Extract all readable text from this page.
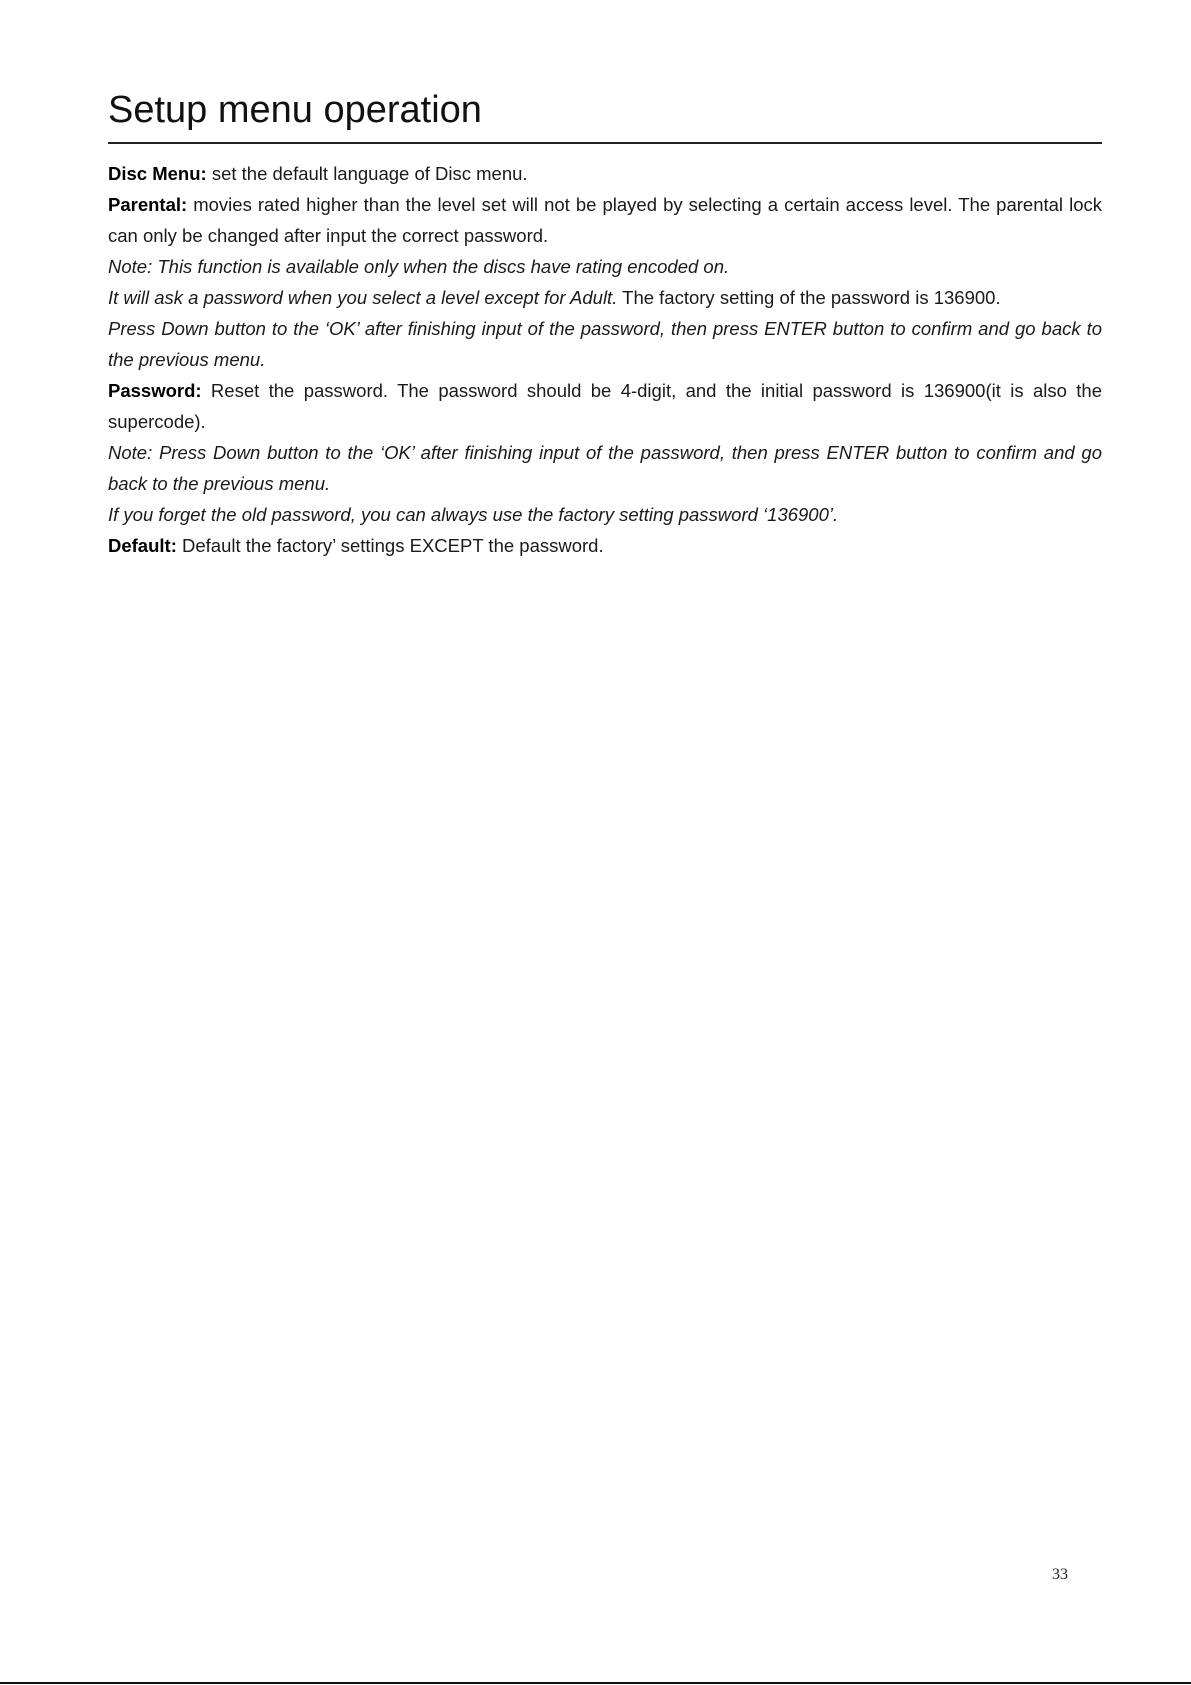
Setup menu operation

Disc Menu: set the default language of Disc menu.

Parental: movies rated higher than the level set will not be played by selecting a certain access level. The parental lock can only be changed after input the correct password.

Note: This function is available only when the discs have rating encoded on.

It will ask a password when you select a level except for Adult. The factory setting of the password is 136900.

Press Down button to the ‘OK’ after finishing input of the password, then press ENTER button to confirm and go back to the previous menu.

Password: Reset the password. The password should be 4-digit, and the initial password is 136900(it is also the supercode).

Note: Press Down button to the ‘OK’ after finishing input of the password, then press ENTER button to confirm and go back to the previous menu.

If you forget the old password, you can always use the factory setting password ‘136900’.

Default: Default the factory’ settings EXCEPT the password.

33
